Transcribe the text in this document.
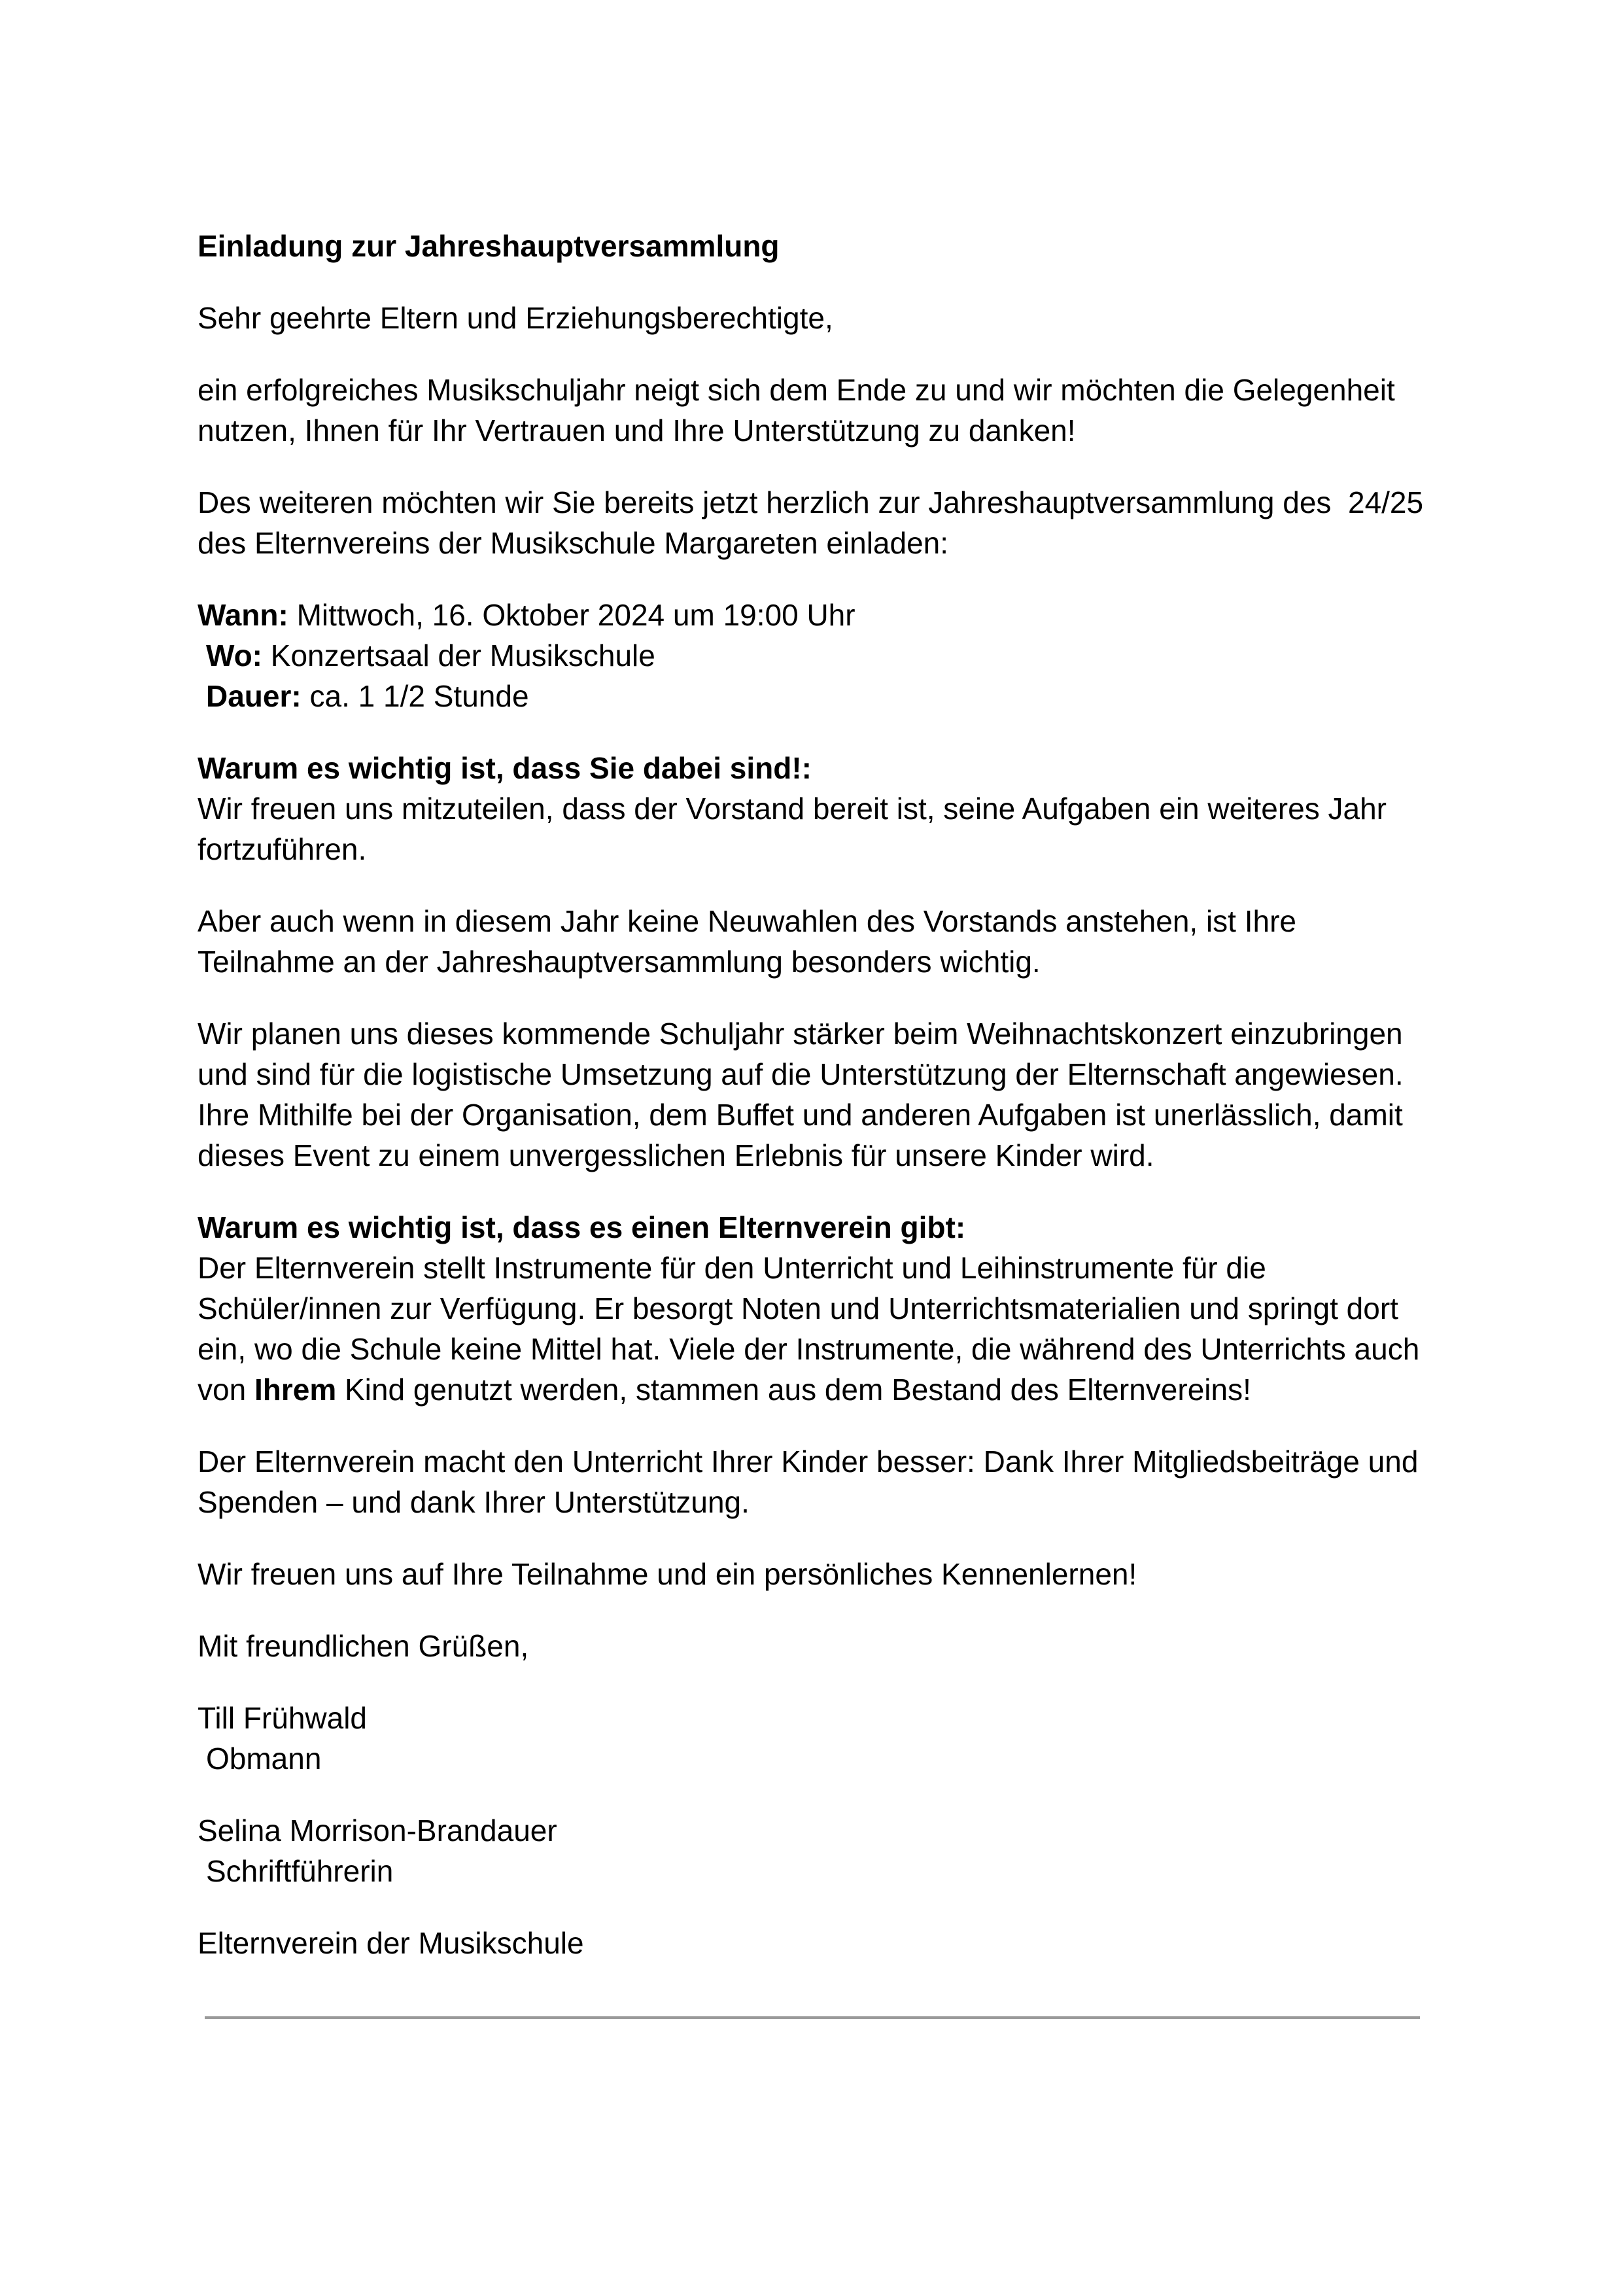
Einladung zur Jahreshauptversammlung

Sehr geehrte Eltern und Erziehungsberechtigte,

ein erfolgreiches Musikschuljahr neigt sich dem Ende zu und wir möchten die Gelegenheit
nutzen, Ihnen für Ihr Vertrauen und Ihre Unterstützung zu danken!

Des weiteren möchten wir Sie bereits jetzt herzlich zur Jahreshauptversammlung des  24/25
des Elternvereins der Musikschule Margareten einladen:

Wann: Mittwoch, 16. Oktober 2024 um 19:00 Uhr
Wo: Konzertsaal der Musikschule
Dauer: ca. 1 1/2 Stunde

Warum es wichtig ist, dass Sie dabei sind!:
Wir freuen uns mitzuteilen, dass der Vorstand bereit ist, seine Aufgaben ein weiteres Jahr
fortzuführen.

Aber auch wenn in diesem Jahr keine Neuwahlen des Vorstands anstehen, ist Ihre
Teilnahme an der Jahreshauptversammlung besonders wichtig.

Wir planen uns dieses kommende Schuljahr stärker beim Weihnachtskonzert einzubringen
und sind für die logistische Umsetzung auf die Unterstützung der Elternschaft angewiesen.
Ihre Mithilfe bei der Organisation, dem Buffet und anderen Aufgaben ist unerlässlich, damit
dieses Event zu einem unvergesslichen Erlebnis für unsere Kinder wird.

Warum es wichtig ist, dass es einen Elternverein gibt:
Der Elternverein stellt Instrumente für den Unterricht und Leihinstrumente für die
Schüler/innen zur Verfügung. Er besorgt Noten und Unterrichtsmaterialien und springt dort
ein, wo die Schule keine Mittel hat. Viele der Instrumente, die während des Unterrichts auch
von Ihrem Kind genutzt werden, stammen aus dem Bestand des Elternvereins!

Der Elternverein macht den Unterricht Ihrer Kinder besser: Dank Ihrer Mitgliedsbeiträge und
Spenden – und dank Ihrer Unterstützung.

Wir freuen uns auf Ihre Teilnahme und ein persönliches Kennenlernen!

Mit freundlichen Grüßen,

Till Frühwald
Obmann

Selina Morrison-Brandauer
Schriftführerin

Elternverein der Musikschule
